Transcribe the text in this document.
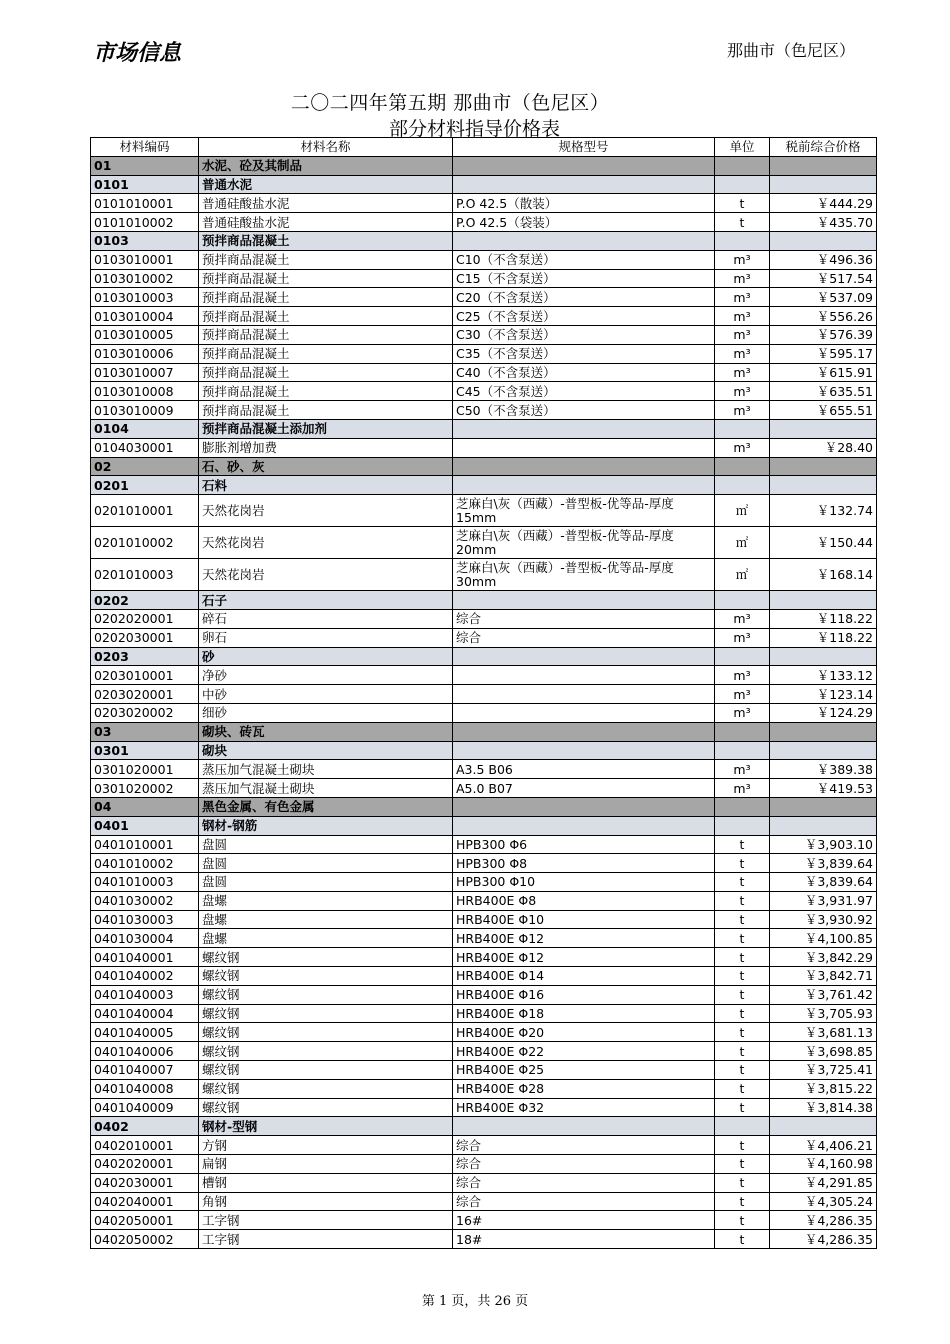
市场信息	那曲市（色尼区）
二〇二四年第五期 那曲市（色尼区）
部分材料指导价格表
材料编码	材料名称	规格型号	单位	税前综合价格
01	水泥、砼及其制品			
0101	普通水泥			
0101010001	普通硅酸盐水泥	P.O 42.5（散装）	t	￥444.29
0101010002	普通硅酸盐水泥	P.O 42.5（袋装）	t	￥435.70
0103	预拌商品混凝土			
0103010001	预拌商品混凝土	C10（不含泵送）	m³	￥496.36
0103010002	预拌商品混凝土	C15（不含泵送）	m³	￥517.54
0103010003	预拌商品混凝土	C20（不含泵送）	m³	￥537.09
0103010004	预拌商品混凝土	C25（不含泵送）	m³	￥556.26
0103010005	预拌商品混凝土	C30（不含泵送）	m³	￥576.39
0103010006	预拌商品混凝土	C35（不含泵送）	m³	￥595.17
0103010007	预拌商品混凝土	C40（不含泵送）	m³	￥615.91
0103010008	预拌商品混凝土	C45（不含泵送）	m³	￥635.51
0103010009	预拌商品混凝土	C50（不含泵送）	m³	￥655.51
0104	预拌商品混凝土添加剂			
0104030001	膨胀剂增加费		m³	￥28.40
02	石、砂、灰			
0201	石料			
0201010001	天然花岗岩	芝麻白\灰（西藏）-普型板-优等品-厚度15mm	㎡	￥132.74
0201010002	天然花岗岩	芝麻白\灰（西藏）-普型板-优等品-厚度 20mm	㎡	￥150.44
0201010003	天然花岗岩	芝麻白\灰（西藏）-普型板-优等品-厚度 30mm	㎡	￥168.14
0202	石子			
0202020001	碎石	综合	m³	￥118.22
0202030001	卵石	综合	m³	￥118.22
0203	砂			
0203010001	净砂		m³	￥133.12
0203020001	中砂		m³	￥123.14
0203020002	细砂		m³	￥124.29
03	砌块、砖瓦			
0301	砌块			
0301020001	蒸压加气混凝土砌块	A3.5 B06	m³	￥389.38
0301020002	蒸压加气混凝土砌块	A5.0 B07	m³	￥419.53
04	黑色金属、有色金属			
0401	钢材-钢筋			
0401010001	盘圆	HPB300 Φ6	t	￥3,903.10
0401010002	盘圆	HPB300 Φ8	t	￥3,839.64
0401010003	盘圆	HPB300 Φ10	t	￥3,839.64
0401030002	盘螺	HRB400E Φ8	t	￥3,931.97
0401030003	盘螺	HRB400E Φ10	t	￥3,930.92
0401030004	盘螺	HRB400E Φ12	t	￥4,100.85
0401040001	螺纹钢	HRB400E Φ12	t	￥3,842.29
0401040002	螺纹钢	HRB400E Φ14	t	￥3,842.71
0401040003	螺纹钢	HRB400E Φ16	t	￥3,761.42
0401040004	螺纹钢	HRB400E Φ18	t	￥3,705.93
0401040005	螺纹钢	HRB400E Φ20	t	￥3,681.13
0401040006	螺纹钢	HRB400E Φ22	t	￥3,698.85
0401040007	螺纹钢	HRB400E Φ25	t	￥3,725.41
0401040008	螺纹钢	HRB400E Φ28	t	￥3,815.22
0401040009	螺纹钢	HRB400E Φ32	t	￥3,814.38
0402	钢材-型钢			
0402010001	方钢	综合	t	￥4,406.21
0402020001	扁钢	综合	t	￥4,160.98
0402030001	槽钢	综合	t	￥4,291.85
0402040001	角钢	综合	t	￥4,305.24
0402050001	工字钢	16#	t	￥4,286.35
0402050002	工字钢	18#	t	￥4,286.35
第 1 页，共 26 页
